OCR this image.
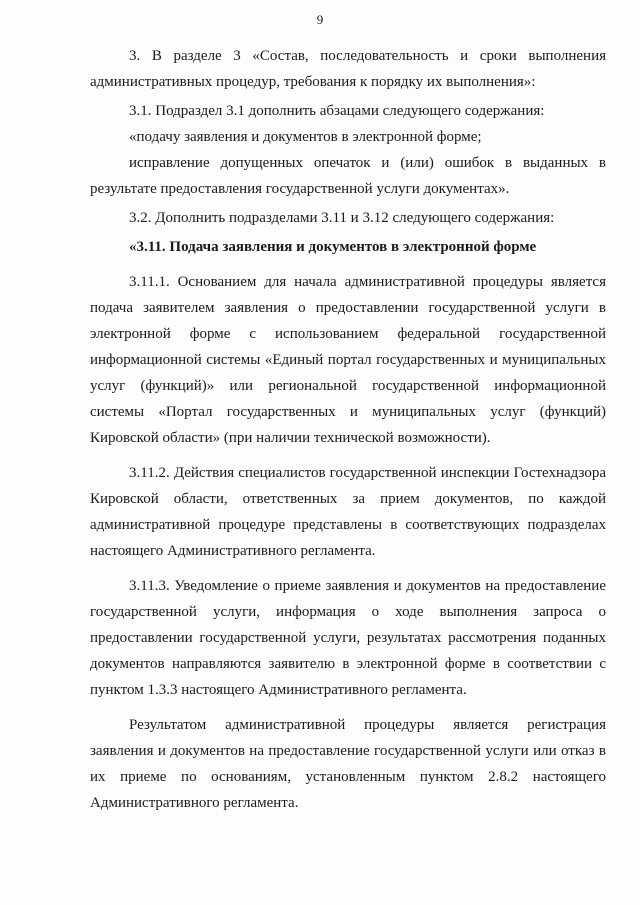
9

3. В разделе 3 «Состав, последовательность и сроки выполнения административных процедур, требования к порядку их выполнения»:

3.1. Подраздел 3.1 дополнить абзацами следующего содержания:

«подачу заявления и документов в электронной форме;

исправление допущенных опечаток и (или) ошибок в выданных в результате предоставления государственной услуги документах».

3.2. Дополнить подразделами 3.11 и 3.12 следующего содержания:

«3.11. Подача заявления и документов в электронной форме

3.11.1. Основанием для начала административной процедуры является подача заявителем заявления о предоставлении государственной услуги в электронной форме с использованием федеральной государственной информационной системы «Единый портал государственных и муниципальных услуг (функций)» или региональной государственной информационной системы «Портал государственных и муниципальных услуг (функций) Кировской области» (при наличии технической возможности).

3.11.2. Действия специалистов государственной инспекции Гостехнадзора Кировской области, ответственных за прием документов, по каждой административной процедуре представлены в соответствующих подразделах настоящего Административного регламента.

3.11.3. Уведомление о приеме заявления и документов на предоставление государственной услуги, информация о ходе выполнения запроса о предоставлении государственной услуги, результатах рассмотрения поданных документов направляются заявителю в электронной форме в соответствии с пунктом 1.3.3 настоящего Административного регламента.

Результатом административной процедуры является регистрация заявления и документов на предоставление государственной услуги или отказ в их приеме по основаниям, установленным пунктом 2.8.2 настоящего Административного регламента.
